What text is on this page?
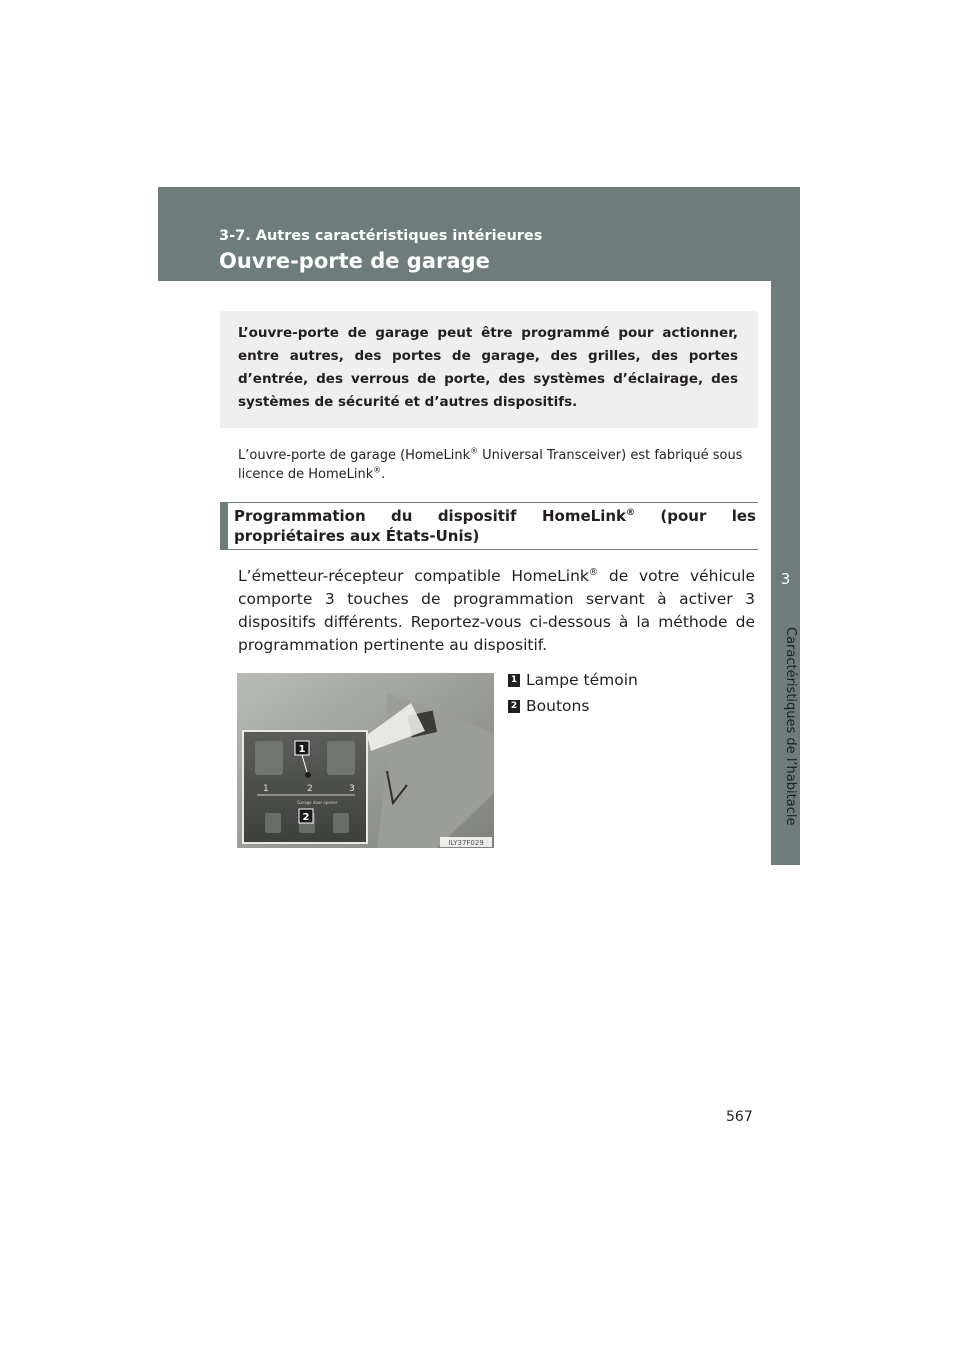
3-7. Autres caractéristiques intérieures
Ouvre-porte de garage
3
Caractéristiques de l’habitacle
L’ouvre-porte de garage peut être programmé pour actionner, entre autres, des portes de garage, des grilles, des portes d’entrée, des verrous de porte, des systèmes d’éclairage, des systèmes de sécurité et d’autres dispositifs.
L’ouvre-porte de garage (HomeLink® Universal Transceiver) est fabriqué sous licence de HomeLink®.
Programmation du dispositif HomeLink® (pour les propriétaires aux États-Unis)
L’émetteur-récepteur compatible HomeLink® de votre véhicule comporte 3 touches de programmation servant à activer 3 dispositifs différents. Reportez-vous ci-dessous à la méthode de programmation pertinente au dispositif.
1
1	2	3
Garage door opener
2
ILY37F029
1 Lampe témoin
2 Boutons
567
